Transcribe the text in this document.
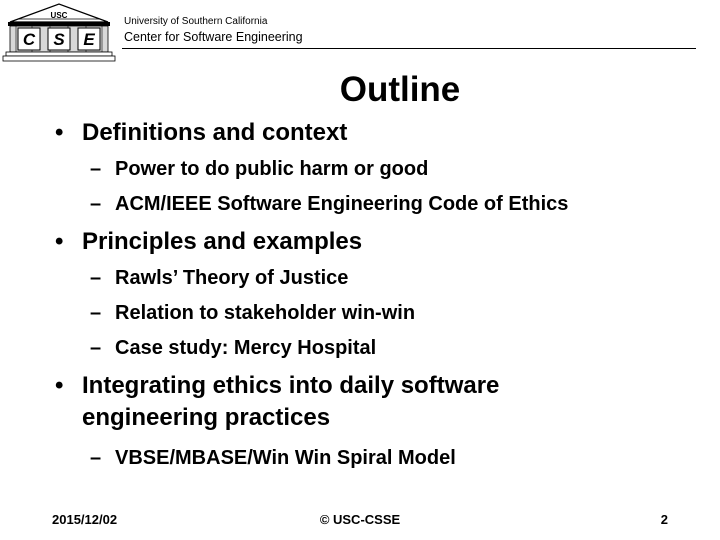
USC
C S E
University of Southern California
Center for Software Engineering
Outline
• Definitions and context
– Power to do public harm or good
– ACM/IEEE Software Engineering Code of Ethics
• Principles and examples
– Rawls’ Theory of Justice
– Relation to stakeholder win-win
– Case study: Mercy Hospital
• Integrating ethics into daily software
engineering practices
– VBSE/MBASE/Win Win Spiral Model
2015/12/02	© USC-CSSE	2
